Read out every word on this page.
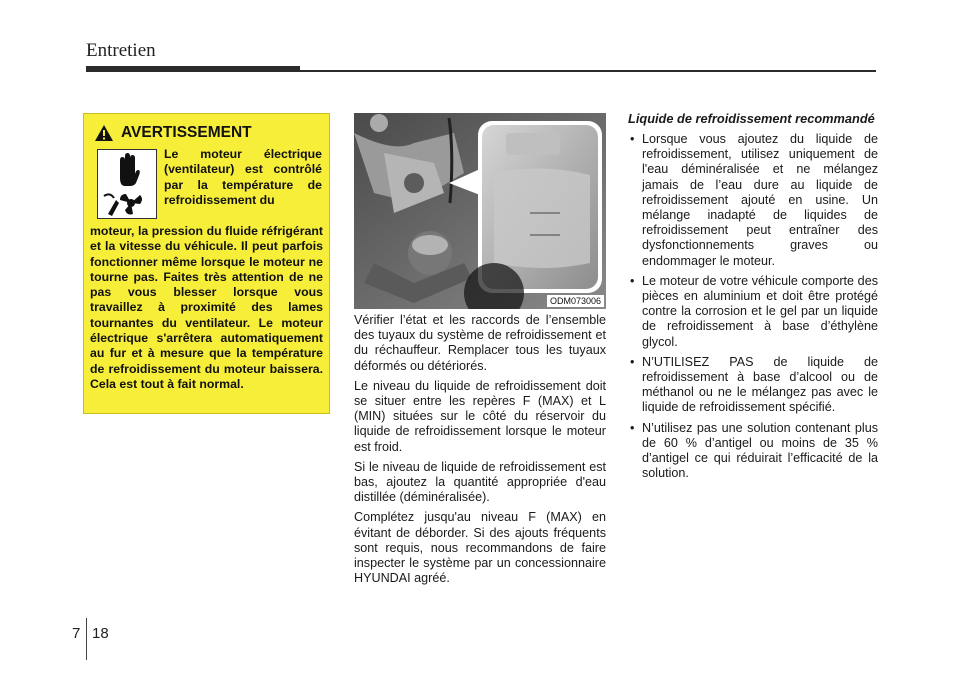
Entretien
AVERTISSEMENT
Le moteur électrique (ventilateur) est contrôlé par la température de refroidissement du
moteur, la pression du fluide réfrigérant et la vitesse du véhicule. Il peut parfois fonctionner même lorsque le moteur ne tourne pas. Faites très attention de ne pas vous blesser lorsque vous travaillez à proximité des lames tournantes du ventilateur. Le moteur électrique s'arrêtera automatiquement au fur et à mesure que la température de refroidissement du moteur baissera. Cela est tout à fait normal.
ODM073006

Vérifier l’état et les raccords de l’ensemble des tuyaux du système de refroidissement et du réchauffeur. Remplacer tous les tuyaux déformés ou détériorés.

Le niveau du liquide de refroidissement doit se situer entre les repères F (MAX) et L (MIN) situées sur le côté du réservoir du liquide de refroidissement lorsque le moteur est froid.

Si le niveau de liquide de refroidissement est bas, ajoutez la quantité appropriée d'eau distillée (déminéralisée).

Complétez jusqu'au niveau F (MAX) en évitant de déborder. Si des ajouts fréquents sont requis, nous recommandons de faire inspecter le système par un concessionnaire HYUNDAI agréé.

Liquide de refroidissement recommandé
• Lorsque vous ajoutez du liquide de refroidissement, utilisez uniquement de l'eau déminéralisée et ne mélangez jamais de l’eau dure au liquide de refroidissement ajouté en usine. Un mélange inadapté de liquides de refroidissement peut entraîner des dysfonctionnements graves ou endommager le moteur.
• Le moteur de votre véhicule comporte des pièces en aluminium et doit être protégé contre la corrosion et le gel par un liquide de refroidissement à base d’éthylène glycol.
• N’UTILISEZ PAS de liquide de refroidissement à base d’alcool ou de méthanol ou ne le mélangez pas avec le liquide de refroidissement spécifié.
• N’utilisez pas une solution contenant plus de 60 % d’antigel ou moins de 35 % d’antigel ce qui réduirait l’efficacité de la solution.
7 18
